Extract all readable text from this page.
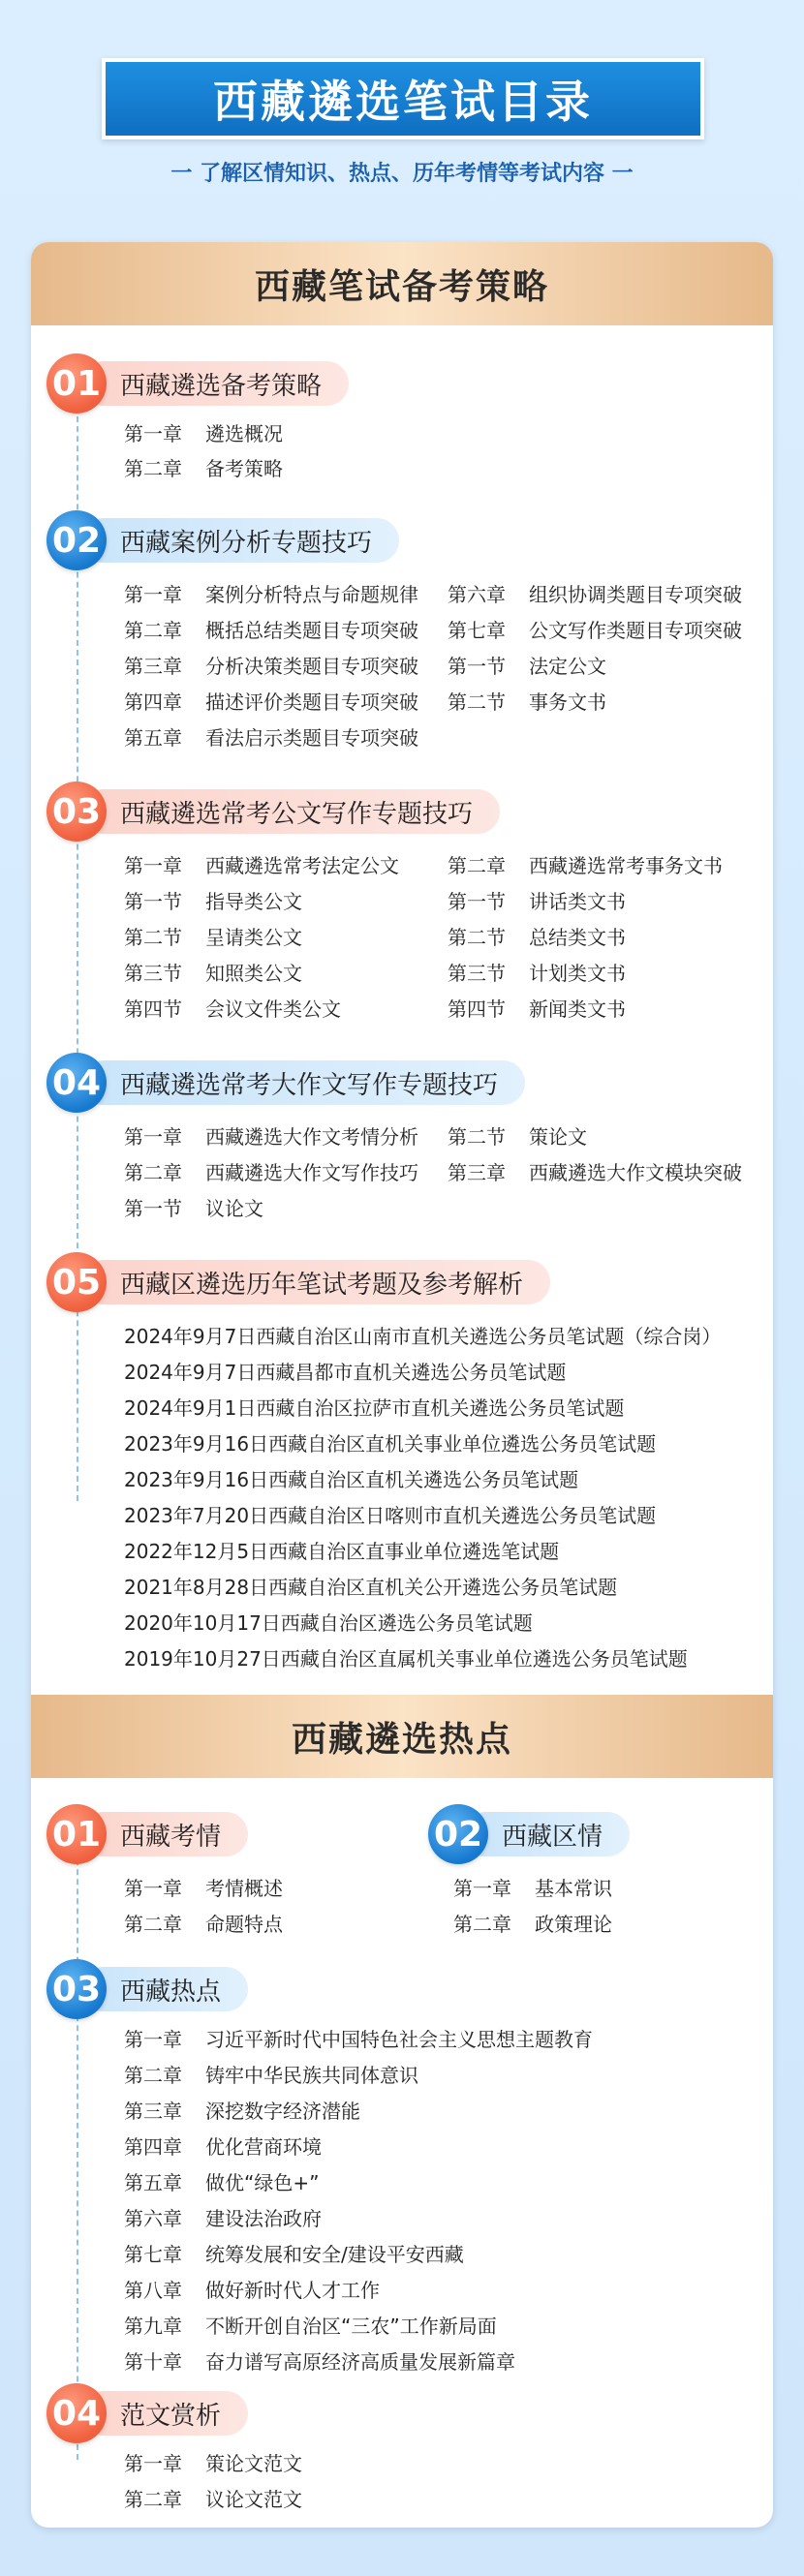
西藏遴选笔试目录
一 了解区情知识、热点、历年考情等考试内容 一
西藏笔试备考策略
01 西藏遴选备考策略
第一章 遴选概况
第二章 备考策略
02 西藏案例分析专题技巧
第一章 案例分析特点与命题规律
第二章 概括总结类题目专项突破
第三章 分析决策类题目专项突破
第四章 描述评价类题目专项突破
第五章 看法启示类题目专项突破
第六章 组织协调类题目专项突破
第七章 公文写作类题目专项突破
第一节 法定公文
第二节 事务文书
03 西藏遴选常考公文写作专题技巧
第一章 西藏遴选常考法定公文
第一节 指导类公文
第二节 呈请类公文
第三节 知照类公文
第四节 会议文件类公文
第二章 西藏遴选常考事务文书
第一节 讲话类文书
第二节 总结类文书
第三节 计划类文书
第四节 新闻类文书
04 西藏遴选常考大作文写作专题技巧
第一章 西藏遴选大作文考情分析
第二章 西藏遴选大作文写作技巧
第一节 议论文
第二节 策论文
第三章 西藏遴选大作文模块突破
05 西藏区遴选历年笔试考题及参考解析
2024年9月7日西藏自治区山南市直机关遴选公务员笔试题（综合岗）
2024年9月7日西藏昌都市直机关遴选公务员笔试题
2024年9月1日西藏自治区拉萨市直机关遴选公务员笔试题
2023年9月16日西藏自治区直机关事业单位遴选公务员笔试题
2023年9月16日西藏自治区直机关遴选公务员笔试题
2023年7月20日西藏自治区日喀则市直机关遴选公务员笔试题
2022年12月5日西藏自治区直事业单位遴选笔试题
2021年8月28日西藏自治区直机关公开遴选公务员笔试题
2020年10月17日西藏自治区遴选公务员笔试题
2019年10月27日西藏自治区直属机关事业单位遴选公务员笔试题
西藏遴选热点
01 西藏考情
第一章 考情概述
第二章 命题特点
02 西藏区情
第一章 基本常识
第二章 政策理论
03 西藏热点
第一章 习近平新时代中国特色社会主义思想主题教育
第二章 铸牢中华民族共同体意识
第三章 深挖数字经济潜能
第四章 优化营商环境
第五章 做优“绿色+”
第六章 建设法治政府
第七章 统筹发展和安全/建设平安西藏
第八章 做好新时代人才工作
第九章 不断开创自治区“三农”工作新局面
第十章 奋力谱写高原经济高质量发展新篇章
04 范文赏析
第一章 策论文范文
第二章 议论文范文
